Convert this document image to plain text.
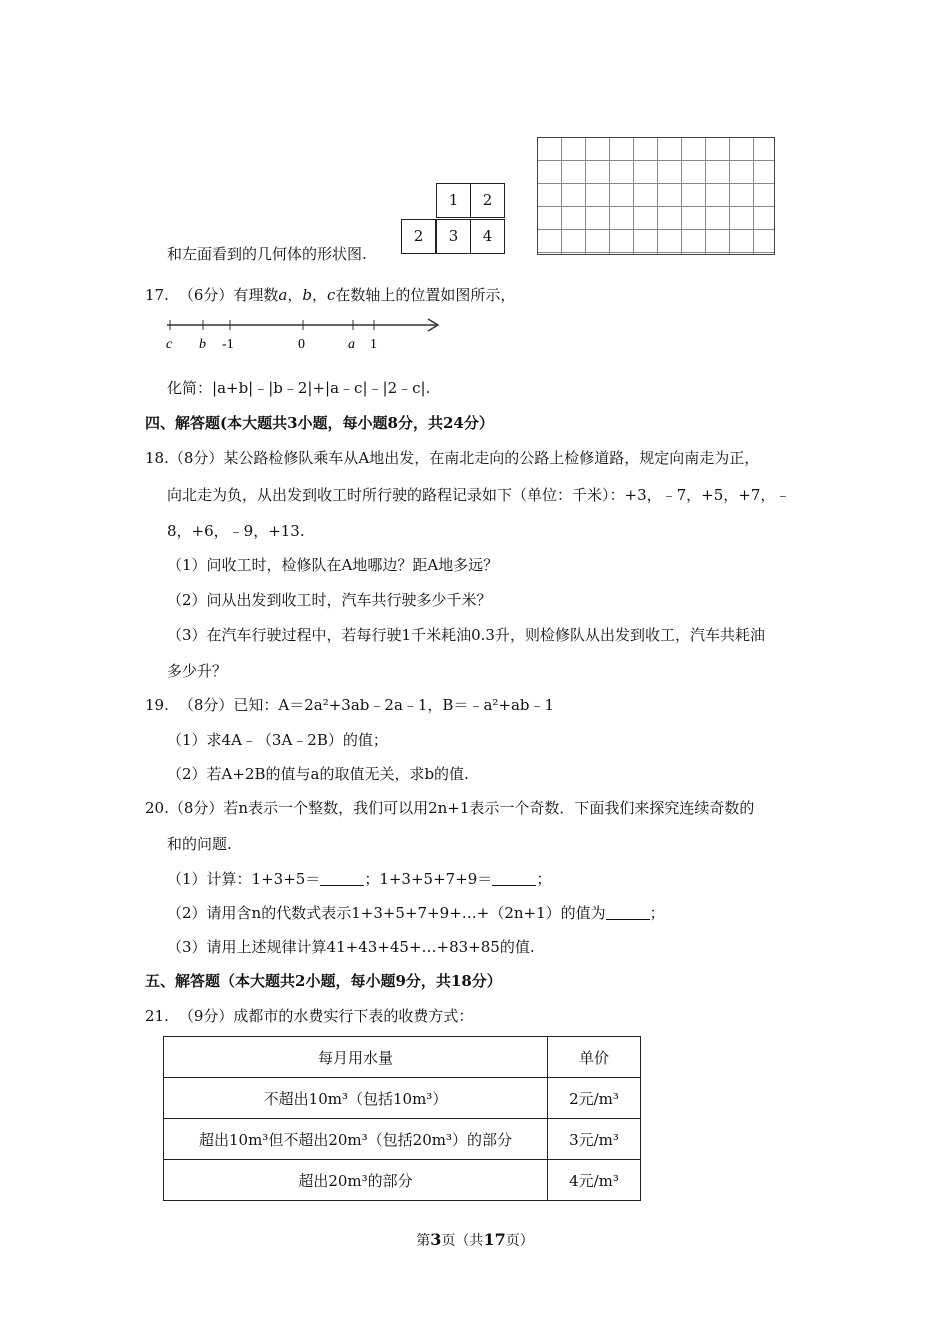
1	2
2	3	4
和左面看到的几何体的形状图.
17. （6分）有理数a，b，c在数轴上的位置如图所示，
c b -1	0	a 1
化简：|a+b|﹣|b﹣2|+|a﹣c|﹣|2﹣c|.
四、解答题(本大题共3小题，每小题8分，共24分）
18.（8分）某公路检修队乘车从A地出发，在南北走向的公路上检修道路，规定向南走为正，
向北走为负，从出发到收工时所行驶的路程记录如下（单位：千米）：+3，﹣7，+5，+7，﹣
8，+6，﹣9，+13.
（1）问收工时，检修队在A地哪边？距A地多远？
（2）问从出发到收工时，汽车共行驶多少千米？
（3）在汽车行驶过程中，若每行驶1千米耗油0.3升，则检修队从出发到收工，汽车共耗油
多少升？
19. （8分）已知：A＝2a²+3ab﹣2a﹣1，B＝﹣a²+ab﹣1
（1）求4A﹣（3A﹣2B）的值；
（2）若A+2B的值与a的取值无关，求b的值.
20.（8分）若n表示一个整数，我们可以用2n+1表示一个奇数．下面我们来探究连续奇数的
和的问题.
（1）计算：1+3+5＝	；1+3+5+7+9＝	；
（2）请用含n的代数式表示1+3+5+7+9+…+（2n+1）的值为	；
（3）请用上述规律计算41+43+45+…+83+85的值.
五、解答题（本大题共2小题，每小题9分，共18分）
21. （9分）成都市的水费实行下表的收费方式：
每月用水量	单价
不超出10m³（包括10m³）	2元/m³
超出10m³但不超出20m³（包括20m³）的部分	3元/m³
超出20m³的部分	4元/m³
第3页（共17页）
